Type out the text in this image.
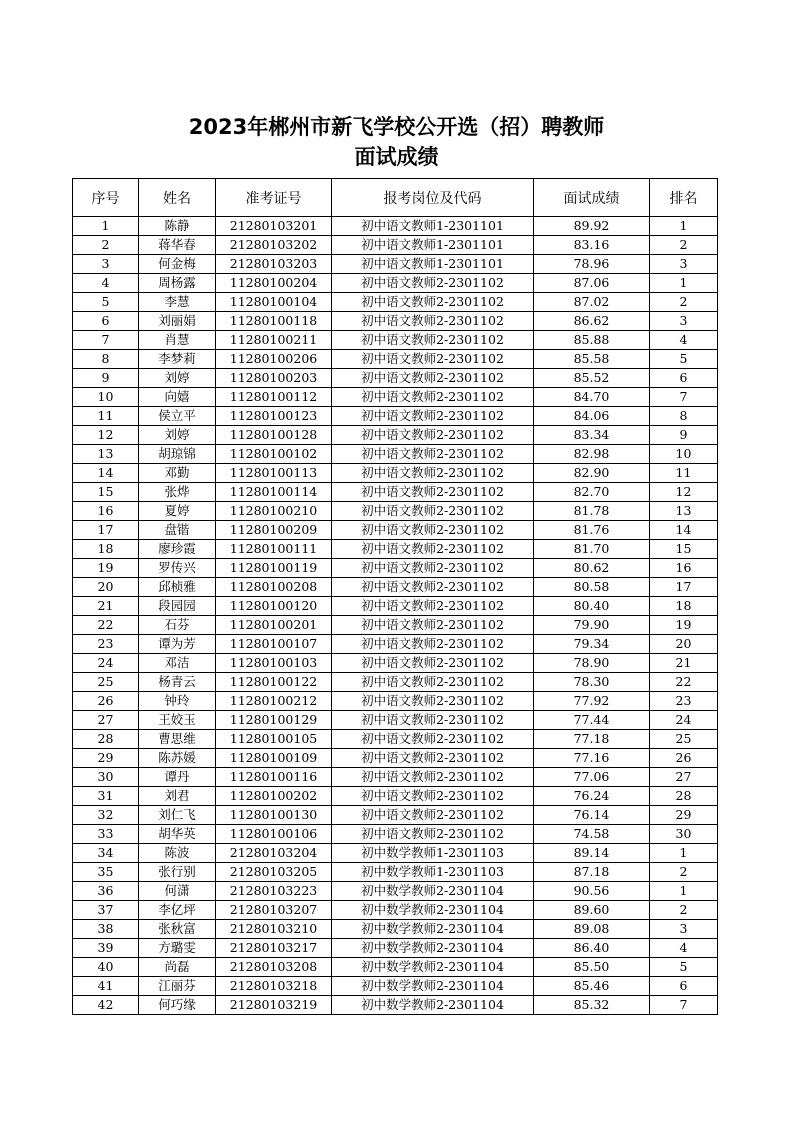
2023年郴州市新飞学校公开选（招）聘教师
面试成绩
序号	姓名	准考证号	报考岗位及代码	面试成绩	排名
1	陈静	21280103201	初中语文教师1-2301101	89.92	1
2	蒋华春	21280103202	初中语文教师1-2301101	83.16	2
3	何金梅	21280103203	初中语文教师1-2301101	78.96	3
4	周杨露	11280100204	初中语文教师2-2301102	87.06	1
5	李慧	11280100104	初中语文教师2-2301102	87.02	2
6	刘丽娟	11280100118	初中语文教师2-2301102	86.62	3
7	肖慧	11280100211	初中语文教师2-2301102	85.88	4
8	李梦莉	11280100206	初中语文教师2-2301102	85.58	5
9	刘婷	11280100203	初中语文教师2-2301102	85.52	6
10	向嬉	11280100112	初中语文教师2-2301102	84.70	7
11	侯立平	11280100123	初中语文教师2-2301102	84.06	8
12	刘婷	11280100128	初中语文教师2-2301102	83.34	9
13	胡琼锦	11280100102	初中语文教师2-2301102	82.98	10
14	邓勤	11280100113	初中语文教师2-2301102	82.90	11
15	张烨	11280100114	初中语文教师2-2301102	82.70	12
16	夏婷	11280100210	初中语文教师2-2301102	81.78	13
17	盘锴	11280100209	初中语文教师2-2301102	81.76	14
18	廖珍霞	11280100111	初中语文教师2-2301102	81.70	15
19	罗传兴	11280100119	初中语文教师2-2301102	80.62	16
20	邱桢雅	11280100208	初中语文教师2-2301102	80.58	17
21	段园园	11280100120	初中语文教师2-2301102	80.40	18
22	石芬	11280100201	初中语文教师2-2301102	79.90	19
23	谭为芳	11280100107	初中语文教师2-2301102	79.34	20
24	邓洁	11280100103	初中语文教师2-2301102	78.90	21
25	杨青云	11280100122	初中语文教师2-2301102	78.30	22
26	钟玲	11280100212	初中语文教师2-2301102	77.92	23
27	王姣玉	11280100129	初中语文教师2-2301102	77.44	24
28	曹思维	11280100105	初中语文教师2-2301102	77.18	25
29	陈苏媛	11280100109	初中语文教师2-2301102	77.16	26
30	谭丹	11280100116	初中语文教师2-2301102	77.06	27
31	刘君	11280100202	初中语文教师2-2301102	76.24	28
32	刘仁飞	11280100130	初中语文教师2-2301102	76.14	29
33	胡华英	11280100106	初中语文教师2-2301102	74.58	30
34	陈波	21280103204	初中数学教师1-2301103	89.14	1
35	张行别	21280103205	初中数学教师1-2301103	87.18	2
36	何潇	21280103223	初中数学教师2-2301104	90.56	1
37	李亿坪	21280103207	初中数学教师2-2301104	89.60	2
38	张秋富	21280103210	初中数学教师2-2301104	89.08	3
39	方璐雯	21280103217	初中数学教师2-2301104	86.40	4
40	尚磊	21280103208	初中数学教师2-2301104	85.50	5
41	江丽芬	21280103218	初中数学教师2-2301104	85.46	6
42	何巧缘	21280103219	初中数学教师2-2301104	85.32	7
